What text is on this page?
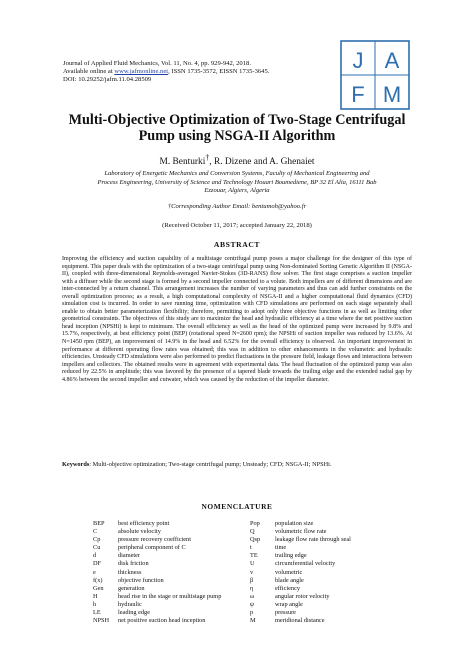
Journal of Applied Fluid Mechanics, Vol. 11, No. 4, pp. 929-942, 2018.
Available online at www.jafmonline.net, ISSN 1735-3572, EISSN 1735-3645.
DOI: 10.29252/jafm.11.04.28509
J A
F M
Multi-Objective Optimization of Two-Stage Centrifugal
Pump using NSGA-II Algorithm
M. Benturki†, R. Dizene and A. Ghenaiet
Laboratory of Energetic Mechanics and Conversion Systems, Faculty of Mechanical Engineering and
Process Engineering, University of Science and Technology Houari Boumediene, BP 32 El Alia, 16111 Bab
Ezzouar, Algiers, Algeria
†Corresponding Author Email: bentumoh@yahoo.fr
(Received October 11, 2017; accepted January 22, 2018)
ABSTRACT
Improving the efficiency and suction capability of a multistage centrifugal pump poses a major challenge for the designer of this type of equipment. This paper deals with the optimization of a two-stage centrifugal pump using Non-dominated Sorting Genetic Algorithm II (NSGA-II), coupled with three-dimensional Reynolds-averaged Navier-Stokes (3D-RANS) flow solver. The first stage comprises a suction impeller with a diffuser while the second stage is formed by a second impeller connected to a volute. Both impellers are of different dimensions and are inter-connected by a return channel. This arrangement increases the number of varying parameters and thus can add further constraints on the overall optimization process; as a result, a high computational complexity of NSGA-II and a higher computational fluid dynamics (CFD) simulation cost is incurred. In order to save running time, optimization with CFD simulations are performed on each stage separately shall enable to obtain better parameterization flexibility; therefore, permitting to adopt only three objective functions in as well as limiting other geometrical constraints. The objectives of this study are to maximize the head and hydraulic efficiency at a time where the net positive suction head inception (NPSHi) is kept to minimum. The overall efficiency as well as the head of the optimized pump were increased by 9.8% and 15.7%, respectively, at best efficiency point (BEP) (rotational speed N=2600 rpm); the NPSHi of suction impeller was reduced by 13.6%. At N=1450 rpm (BEP), an improvement of 14.9% in the head and 6.52% for the overall efficiency is observed. An important improvement in performance at different operating flow rates was obtained; this was in addition to other enhancements in the volumetric and hydraulic efficiencies. Unsteady CFD simulations were also performed to predict fluctuations in the pressure field, leakage flows and interactions between impellers and collectors. The obtained results were in agreement with experimental data. The head fluctuation of the optimized pump was also reduced by 22.5% in amplitude; this was favored by the presence of a tapered blade towards the trailing edge and the extended radial gap by 4.86% between the second impeller and cutwater, which was caused by the reduction of the impeller diameter.
Keywords: Multi-objective optimization; Two-stage centrifugal pump; Unsteady; CFD; NSGA-II; NPSHi.
NOMENCLATURE
BEP	best efficiency point
C	absolute velocity
Cp	pressure recovery coefficient
Cu	peripheral component of C
d	diameter
DF	disk friction
e	thickness
f(x)	objective function
Gen	generation
H	head rise in the stage or multistage pump
h	hydraulic
LE	leading edge
NPSH	net positive suction head inception
Pop	population size
Q	volumetric flow rate
Qsp	leakage flow rate through seal
t	time
TE	trailing edge
U	circumferential velocity
v	volumetric
β	blade angle
η	efficiency
ω	angular rotor velocity
ψ	wrap angle
p	pressure
M	meridional distance
